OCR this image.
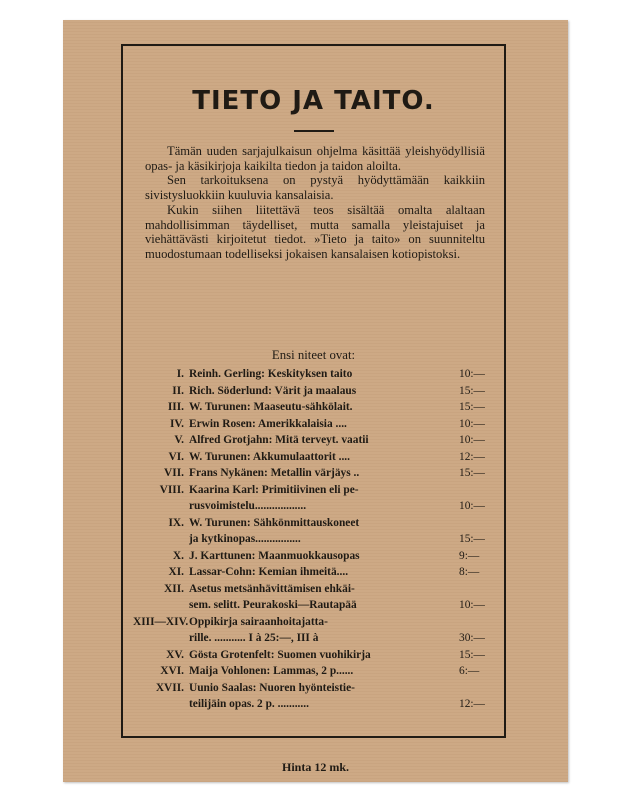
TIETO JA TAITO.

Tämän uuden sarjajulkaisun ohjelma käsittää yleishyödyllisiä opas- ja käsikirjoja kaikilta tiedon ja taidon aloilta.

Sen tarkoituksena on pystyä hyödyttämään kaikkiin sivistysluokkiin kuuluvia kansalaisia.

Kukin siihen liitettävä teos sisältää omalta alaltaan mahdollisimman täydelliset, mutta samalla yleistajuiset ja viehättävästi kirjoitetut tiedot. »Tieto ja taito» on suunniteltu muodostumaan todelliseksi jokaisen kansalaisen kotiopistoksi.

Ensi niteet ovat:
I. Reinh. Gerling: Keskityksen taito	10:—
II. Rich. Söderlund: Värit ja maalaus	15:—
III. W. Turunen: Maaseutu-sähkölait.	15:—
IV. Erwin Rosen: Amerikkalaisia ....	10:—
V. Alfred Grotjahn: Mitä terveyt. vaatii	10:—
VI. W. Turunen: Akkumulaattorit ....	12:—
VII. Frans Nykänen: Metallin värjäys ..	15:—
VIII. Kaarina Karl: Primitiivinen eli pe-
rusvoimistelu..................	10:—
IX. W. Turunen: Sähkönmittauskoneet
ja kytkinopas................	15:—
X. J. Karttunen: Maanmuokkausopas	9:—
XI. Lassar-Cohn: Kemian ihmeitä....	8:—
XII. Asetus metsänhävittämisen ehkäi-
sem. selitt. Peurakoski—Rautapää	10:—
XIII—XIV. Oppikirja sairaanhoitajatta-
rille. ........... I à 25:—, III à	30:—
XV. Gösta Grotenfelt: Suomen vuohikirja	15:—
XVI. Maija Vohlonen: Lammas, 2 p......	6:—
XVII. Uunio Saalas: Nuoren hyönteistie-
teilijäin opas. 2 p. ...........	12:—
Hinta 12 mk.
